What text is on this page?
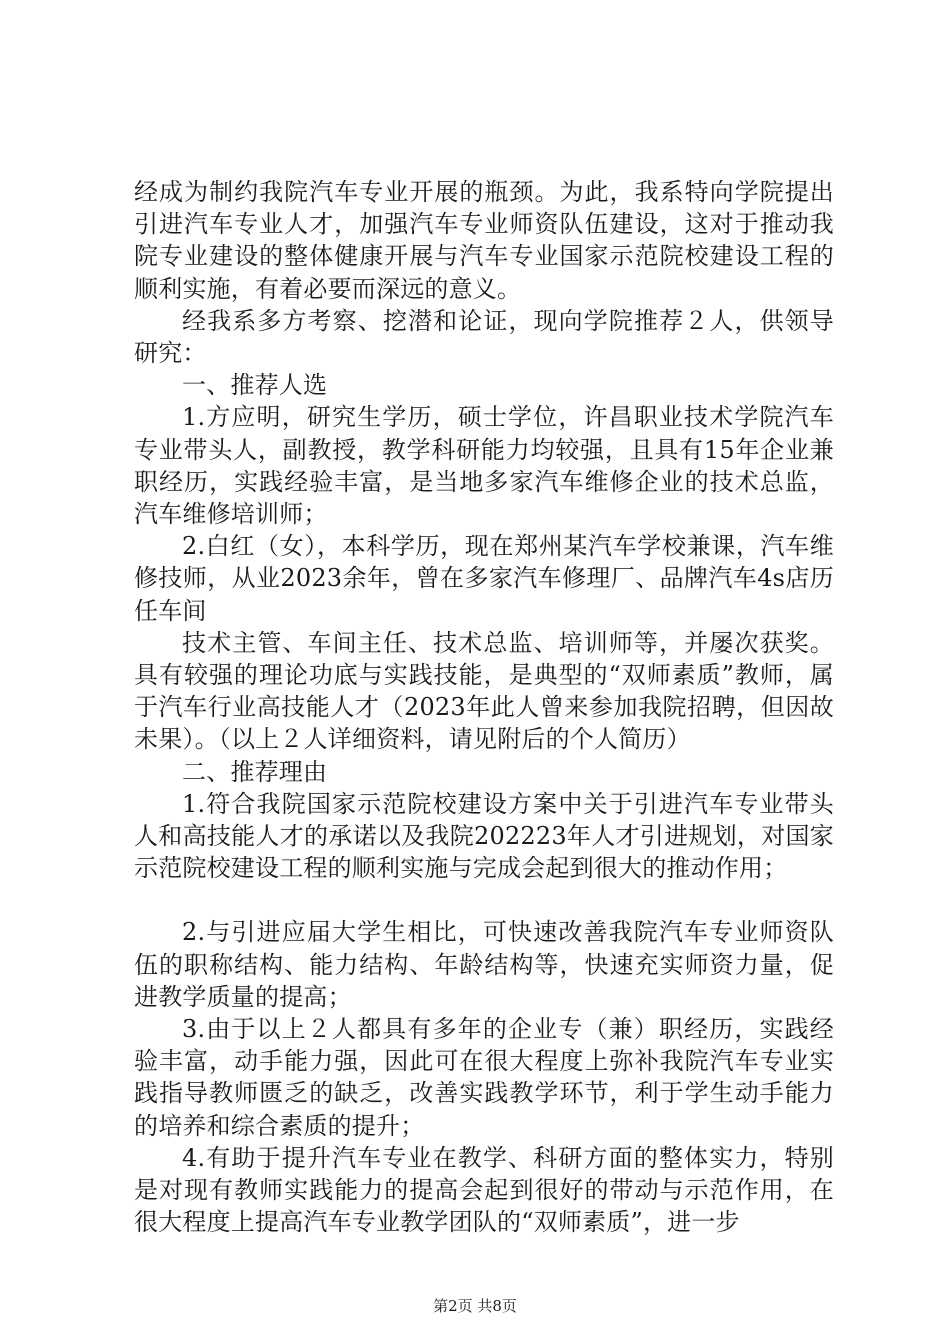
经成为制约我院汽车专业开展的瓶颈。为此，我系特向学院提出引进汽车专业人才，加强汽车专业师资队伍建设，这对于推动我院专业建设的整体健康开展与汽车专业国家示范院校建设工程的顺利实施，有着必要而深远的意义。

经我系多方考察、挖潜和论证，现向学院推荐２人，供领导研究：

一、推荐人选

1.方应明，研究生学历，硕士学位，许昌职业技术学院汽车专业带头人，副教授，教学科研能力均较强，且具有15年企业兼职经历，实践经验丰富，是当地多家汽车维修企业的技术总监，汽车维修培训师；

2.白红（女），本科学历，现在郑州某汽车学校兼课，汽车维修技师，从业2023余年，曾在多家汽车修理厂、品牌汽车4s店历任车间

技术主管、车间主任、技术总监、培训师等，并屡次获奖。具有较强的理论功底与实践技能，是典型的“双师素质”教师，属于汽车行业高技能人才（2023年此人曾来参加我院招聘，但因故未果）。（以上２人详细资料，请见附后的个人简历）

二、推荐理由

1.符合我院国家示范院校建设方案中关于引进汽车专业带头人和高技能人才的承诺以及我院202223年人才引进规划，对国家示范院校建设工程的顺利实施与完成会起到很大的推动作用；

2.与引进应届大学生相比，可快速改善我院汽车专业师资队伍的职称结构、能力结构、年龄结构等，快速充实师资力量，促进教学质量的提高；

3.由于以上２人都具有多年的企业专（兼）职经历，实践经验丰富，动手能力强，因此可在很大程度上弥补我院汽车专业实践指导教师匮乏的缺乏，改善实践教学环节，利于学生动手能力的培养和综合素质的提升；

4.有助于提升汽车专业在教学、科研方面的整体实力，特别是对现有教师实践能力的提高会起到很好的带动与示范作用，在很大程度上提高汽车专业教学团队的“双师素质”，进一步

第2页 共8页
